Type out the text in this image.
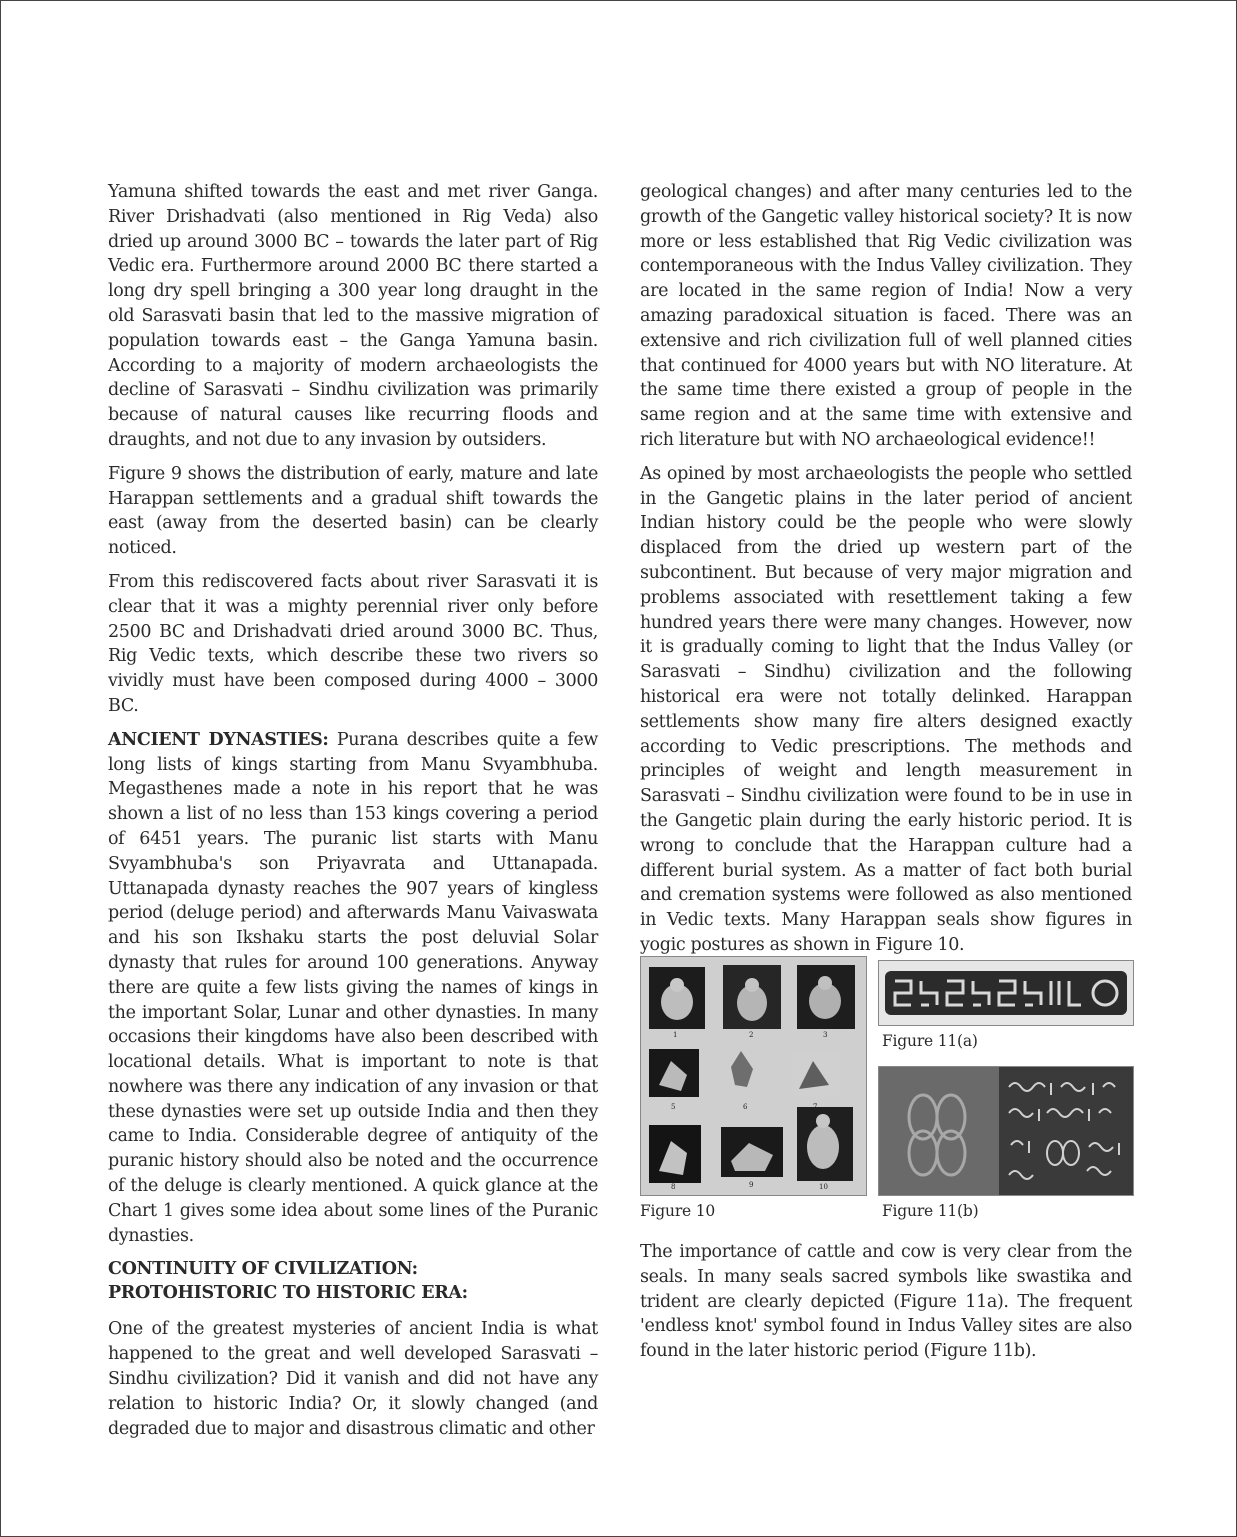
Yamuna shifted towards the east and met river Ganga. River Drishadvati (also mentioned in Rig Veda) also dried up around 3000 BC – towards the later part of Rig Vedic era. Furthermore around 2000 BC there started a long dry spell bringing a 300 year long draught in the old Sarasvati basin that led to the massive migration of population towards east – the Ganga Yamuna basin. According to a majority of modern archaeologists the decline of Sarasvati – Sindhu civilization was primarily because of natural causes like recurring floods and draughts, and not due to any invasion by outsiders.

Figure 9 shows the distribution of early, mature and late Harappan settlements and a gradual shift towards the east (away from the deserted basin) can be clearly noticed.

From this rediscovered facts about river Sarasvati it is clear that it was a mighty perennial river only before 2500 BC and Drishadvati dried around 3000 BC. Thus, Rig Vedic texts, which describe these two rivers so vividly must have been composed during 4000 – 3000 BC.

ANCIENT DYNASTIES: Purana describes quite a few long lists of kings starting from Manu Svyambhuba. Megasthenes made a note in his report that he was shown a list of no less than 153 kings covering a period of 6451 years. The puranic list starts with Manu Svyambhuba's son Priyavrata and Uttanapada. Uttanapada dynasty reaches the 907 years of kingless period (deluge period) and afterwards Manu Vaivaswata and his son Ikshaku starts the post deluvial Solar dynasty that rules for around 100 generations. Anyway there are quite a few lists giving the names of kings in the important Solar, Lunar and other dynasties. In many occasions their kingdoms have also been described with locational details. What is important to note is that nowhere was there any indication of any invasion or that these dynasties were set up outside India and then they came to India. Considerable degree of antiquity of the puranic history should also be noted and the occurrence of the deluge is clearly mentioned. A quick glance at the Chart 1 gives some idea about some lines of the Puranic dynasties.

CONTINUITY OF CIVILIZATION:
PROTOHISTORIC TO HISTORIC ERA:

One of the greatest mysteries of ancient India is what happened to the great and well developed Sarasvati – Sindhu civilization? Did it vanish and did not have any relation to historic India? Or, it slowly changed (and degraded due to major and disastrous climatic and other

geological changes) and after many centuries led to the growth of the Gangetic valley historical society? It is now more or less established that Rig Vedic civilization was contemporaneous with the Indus Valley civilization. They are located in the same region of India! Now a very amazing paradoxical situation is faced. There was an extensive and rich civilization full of well planned cities that continued for 4000 years but with NO literature. At the same time there existed a group of people in the same region and at the same time with extensive and rich literature but with NO archaeological evidence!!

As opined by most archaeologists the people who settled in the Gangetic plains in the later period of ancient Indian history could be the people who were slowly displaced from the dried up western part of the subcontinent. But because of very major migration and problems associated with resettlement taking a few hundred years there were many changes. However, now it is gradually coming to light that the Indus Valley (or Sarasvati – Sindhu) civilization and the following historical era were not totally delinked. Harappan settlements show many fire alters designed exactly according to Vedic prescriptions. The methods and principles of weight and length measurement in Sarasvati – Sindhu civilization were found to be in use in the Gangetic plain during the early historic period. It is wrong to conclude that the Harappan culture had a different burial system. As a matter of fact both burial and cremation systems were followed as also mentioned in Vedic texts. Many Harappan seals show figures in yogic postures as shown in Figure 10.

1	2	3
5	6	7
8	9	10
Figure 10
Figure 11(a)
Figure 11(b)

The importance of cattle and cow is very clear from the seals. In many seals sacred symbols like swastika and trident are clearly depicted (Figure 11a). The frequent 'endless knot' symbol found in Indus Valley sites are also found in the later historic period (Figure 11b).
